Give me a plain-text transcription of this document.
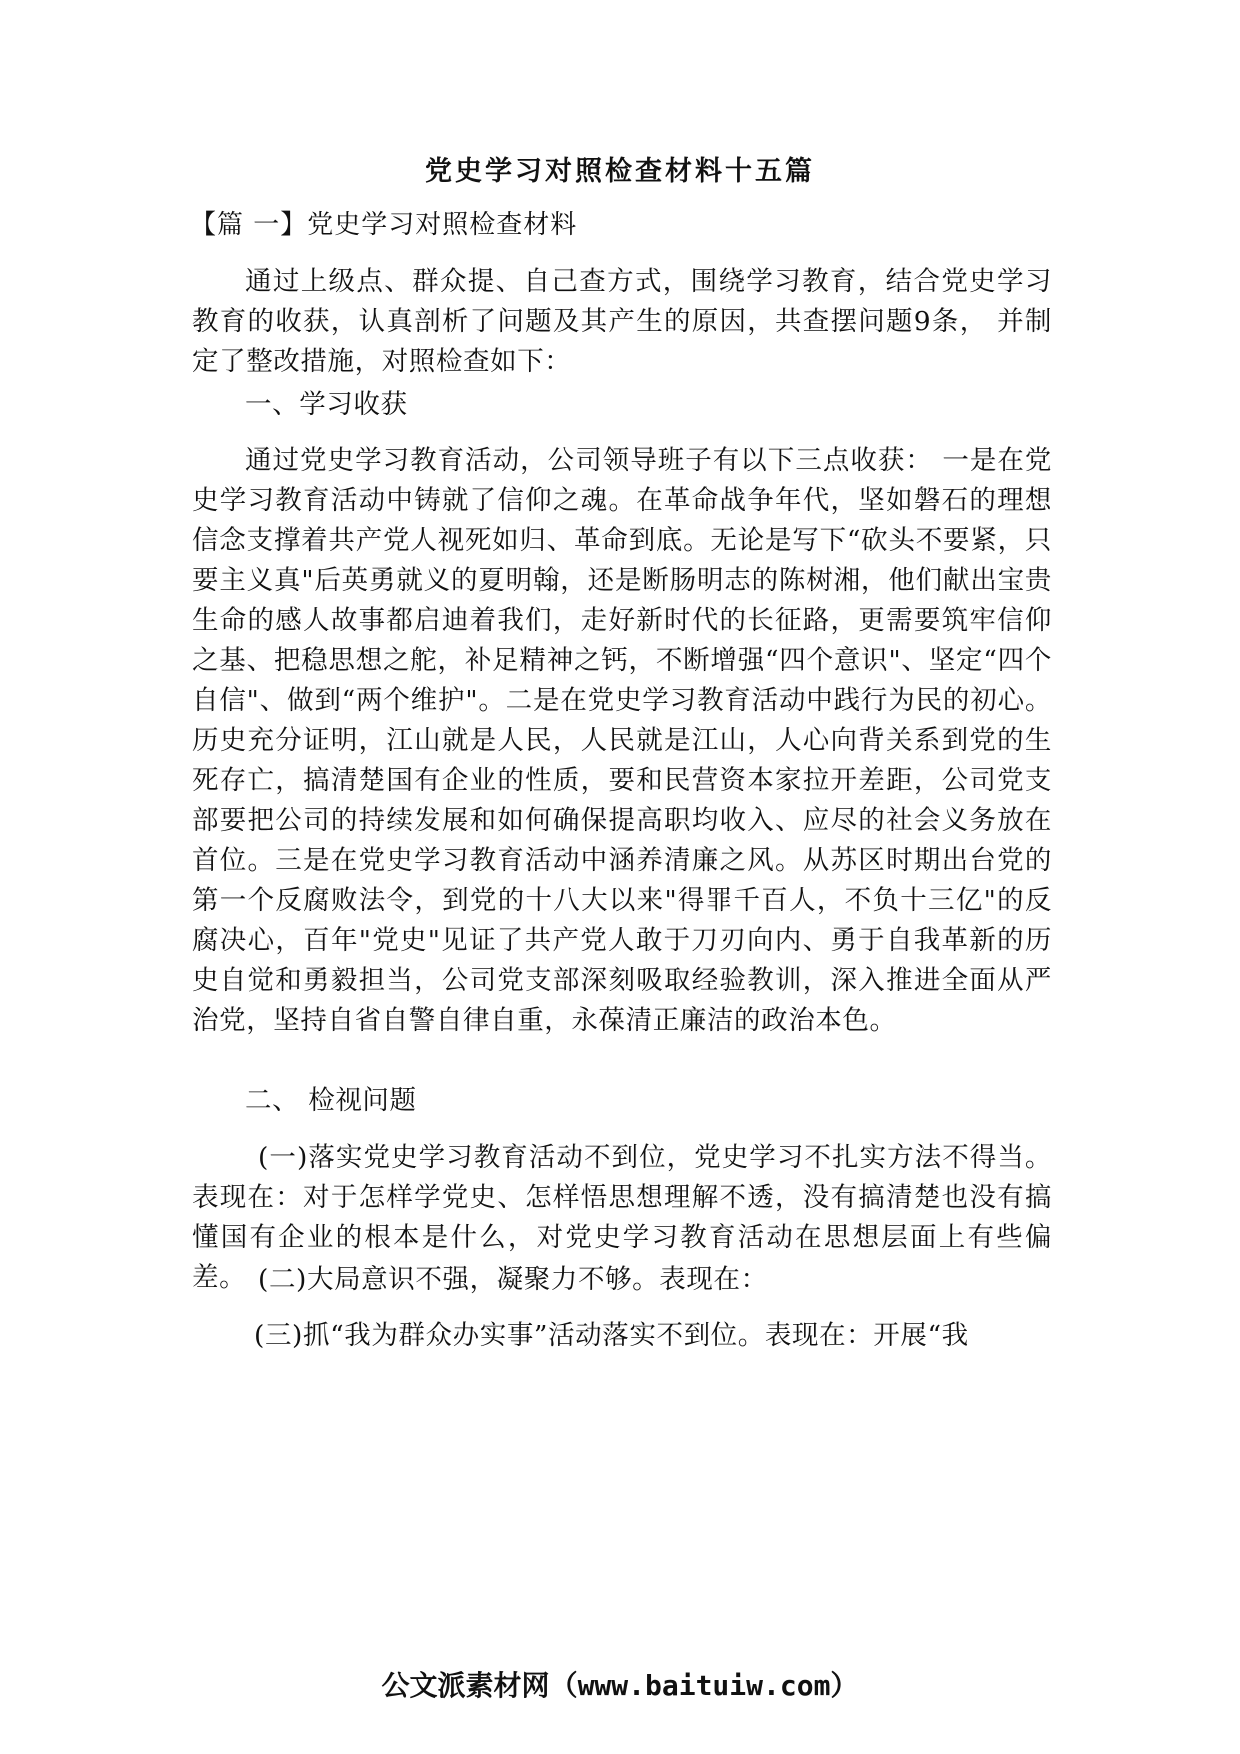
党史学习对照检查材料十五篇

【篇 一】党史学习对照检查材料

通过上级点、群众提、自己查方式，围绕学习教育，结合党史学习教育的收获，认真剖析了问题及其产生的原因，共查摆问题9条， 并制定了整改措施，对照检查如下：

一、学习收获

通过党史学习教育活动，公司领导班子有以下三点收获： 一是在党史学习教育活动中铸就了信仰之魂。在革命战争年代，坚如磐石的理想信念支撑着共产党人视死如归、革命到底。无论是写下“砍头不要紧，只要主义真"后英勇就义的夏明翰，还是断肠明志的陈树湘，他们献出宝贵生命的感人故事都启迪着我们，走好新时代的长征路，更需要筑牢信仰之基、把稳思想之舵，补足精神之钙，不断增强“四个意识"、坚定“四个自信"、做到“两个维护"。二是在党史学习教育活动中践行为民的初心。历史充分证明，江山就是人民，人民就是江山，人心向背关系到党的生死存亡，搞清楚国有企业的性质，要和民营资本家拉开差距，公司党支部要把公司的持续发展和如何确保提高职均收入、应尽的社会义务放在首位。三是在党史学习教育活动中涵养清廉之风。从苏区时期出台党的第一个反腐败法令，到党的十八大以来"得罪千百人，不负十三亿"的反腐决心，百年"党史"见证了共产党人敢于刀刃向内、勇于自我革新的历史自觉和勇毅担当，公司党支部深刻吸取经验教训，深入推进全面从严治党，坚持自省自警自律自重，永葆清正廉洁的政治本色。

二、 检视问题

(一)落实党史学习教育活动不到位，党史学习不扎实方法不得当。表现在：对于怎样学党史、怎样悟思想理解不透，没有搞清楚也没有搞懂国有企业的根本是什么，对党史学习教育活动在思想层面上有些偏差。 (二)大局意识不强，凝聚力不够。表现在：

(三)抓“我为群众办实事”活动落实不到位。表现在：开展“我

公文派素材网（www.baituiw.com）
